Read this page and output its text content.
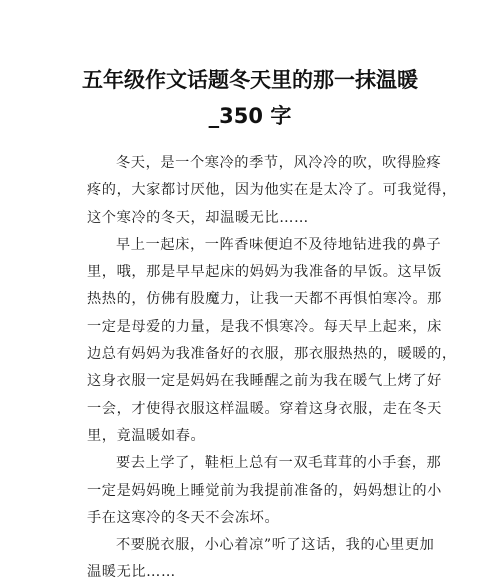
五年级作文话题冬天里的那一抹温暖
_350 字
冬天，是一个寒冷的季节，风冷冷的吹，吹得脸疼
疼的，大家都讨厌他，因为他实在是太冷了。可我觉得，
这个寒冷的冬天，却温暖无比……
早上一起床，一阵香味便迫不及待地钻进我的鼻子
里，哦，那是早早起床的妈妈为我准备的早饭。这早饭
热热的，仿佛有股魔力，让我一天都不再惧怕寒冷。那
一定是母爱的力量，是我不惧寒冷。每天早上起来，床
边总有妈妈为我准备好的衣服，那衣服热热的，暖暖的，
这身衣服一定是妈妈在我睡醒之前为我在暖气上烤了好
一会，才使得衣服这样温暖。穿着这身衣服，走在冬天
里，竟温暖如春。
要去上学了，鞋柜上总有一双毛茸茸的小手套，那
一定是妈妈晚上睡觉前为我提前准备的，妈妈想让的小
手在这寒冷的冬天不会冻坏。
不要脱衣服，小心着凉”听了这话，我的心里更加
温暖无比……
